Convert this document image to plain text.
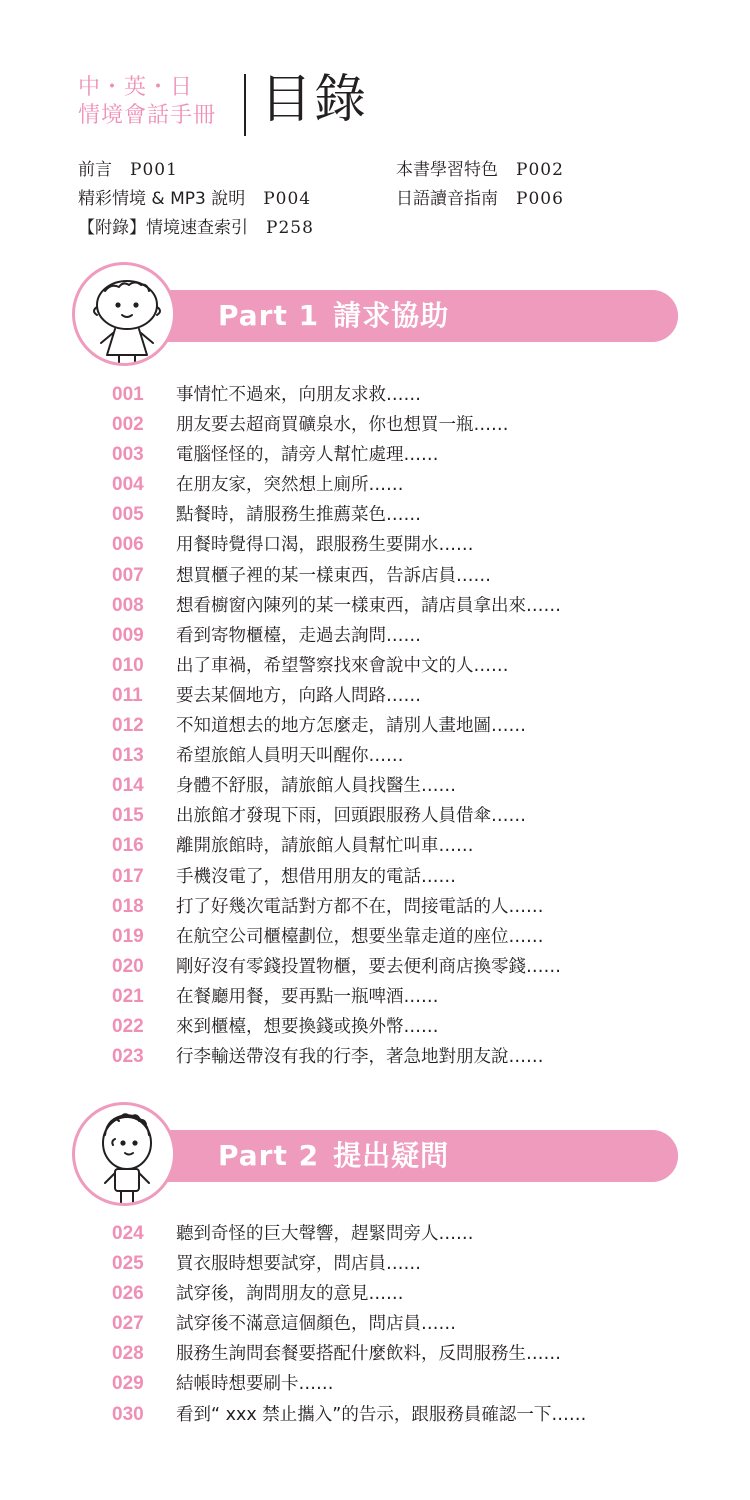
中・英・日
情境會話手冊 目錄
前言 P001	本書學習特色 P002
精彩情境 & MP3 說明 P004	日語讀音指南 P006
【附錄】情境速查索引 P258
Part 1 請求協助
001	事情忙不過來，向朋友求救……
002	朋友要去超商買礦泉水，你也想買一瓶……
003	電腦怪怪的，請旁人幫忙處理……
004	在朋友家，突然想上廁所……
005	點餐時，請服務生推薦菜色……
006	用餐時覺得口渴，跟服務生要開水……
007	想買櫃子裡的某一樣東西，告訴店員……
008	想看櫥窗內陳列的某一樣東西，請店員拿出來……
009	看到寄物櫃檯，走過去詢問……
010	出了車禍，希望警察找來會說中文的人……
011	要去某個地方，向路人問路……
012	不知道想去的地方怎麼走，請別人畫地圖……
013	希望旅館人員明天叫醒你……
014	身體不舒服，請旅館人員找醫生……
015	出旅館才發現下雨，回頭跟服務人員借傘……
016	離開旅館時，請旅館人員幫忙叫車……
017	手機沒電了，想借用朋友的電話……
018	打了好幾次電話對方都不在，問接電話的人……
019	在航空公司櫃檯劃位，想要坐靠走道的座位……
020	剛好沒有零錢投置物櫃，要去便利商店換零錢……
021	在餐廳用餐，要再點一瓶啤酒……
022	來到櫃檯，想要換錢或換外幣……
023	行李輸送帶沒有我的行李，著急地對朋友說……
Part 2 提出疑問
024	聽到奇怪的巨大聲響，趕緊問旁人……
025	買衣服時想要試穿，問店員……
026	試穿後，詢問朋友的意見……
027	試穿後不滿意這個顏色，問店員……
028	服務生詢問套餐要搭配什麼飲料，反問服務生……
029	結帳時想要刷卡……
030	看到“ xxx 禁止攜入”的告示，跟服務員確認一下……
